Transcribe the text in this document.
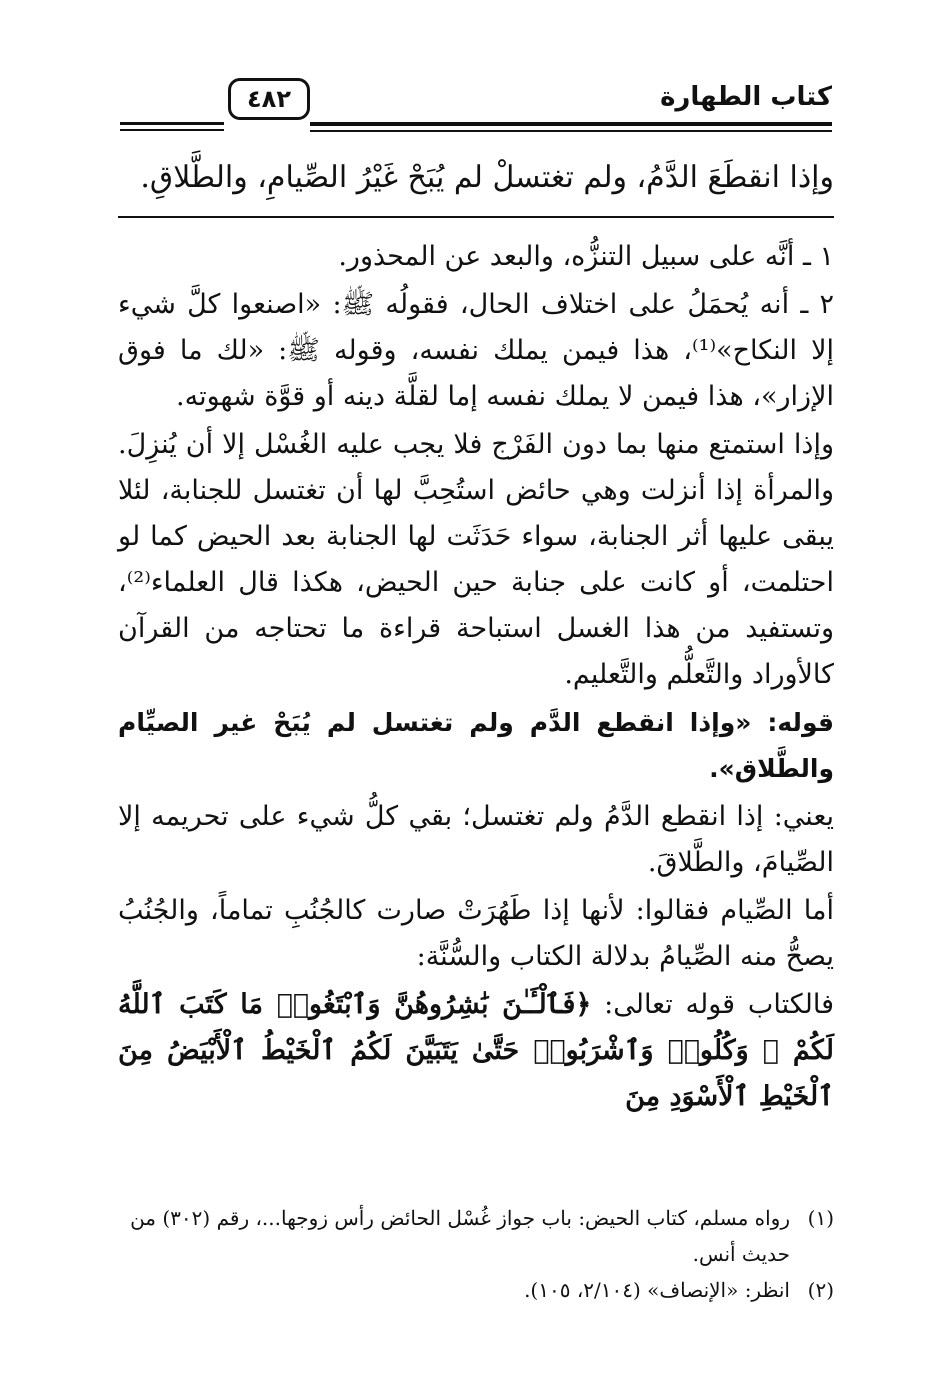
كتاب الطهارة
٤٨٢

وإذا انقطَعَ الدَّمُ، ولم تغتسلْ لم يُبَحْ غَيْرُ الصِّيامِ، والطَّلاقِ.

١ ـ أنَّه على سبيل التنزُّه، والبعد عن المحذور.

٢ ـ أنه يُحمَلُ على اختلاف الحال، فقولُه ﷺ: «اصنعوا كلَّ شيء إلا النكاح»⁽¹⁾، هذا فيمن يملك نفسه، وقوله ﷺ: «لك ما فوق الإزار»، هذا فيمن لا يملك نفسه إما لقلَّة دينه أو قوَّة شهوته.

وإذا استمتع منها بما دون الفَرْج فلا يجب عليه الغُسْل إلا أن يُنزِلَ. والمرأة إذا أنزلت وهي حائض استُحِبَّ لها أن تغتسل للجنابة، لئلا يبقى عليها أثر الجنابة، سواء حَدَثَت لها الجنابة بعد الحيض كما لو احتلمت، أو كانت على جنابة حين الحيض، هكذا قال العلماء⁽²⁾، وتستفيد من هذا الغسل استباحة قراءة ما تحتاجه من القرآن كالأوراد والتَّعلُّم والتَّعليم.

قوله: «وإذا انقطع الدَّم ولم تغتسل لم يُبَحْ غير الصيِّام والطَّلاق».

يعني: إذا انقطع الدَّمُ ولم تغتسل؛ بقي كلُّ شيء على تحريمه إلا الصِّيامَ، والطَّلاقَ.

أما الصِّيام فقالوا: لأنها إذا طَهُرَتْ صارت كالجُنُبِ تماماً، والجُنُبُ يصحُّ منه الصِّيامُ بدلالة الكتاب والسُّنَّة:

فالكتاب قوله تعالى: ﴿فَٱلْـَٔـٰنَ بَٰشِرُوهُنَّ وَٱبْتَغُوا۟ مَا كَتَبَ ٱللَّهُ لَكُمْ ۚ وَكُلُوا۟ وَٱشْرَبُوا۟ حَتَّىٰ يَتَبَيَّنَ لَكُمُ ٱلْخَيْطُ ٱلْأَبْيَضُ مِنَ ٱلْخَيْطِ ٱلْأَسْوَدِ مِنَ

(١)
رواه مسلم، كتاب الحيض: باب جواز غُسْل الحائض رأس زوجها...، رقم (٣٠٢) من حديث أنس.
(٢)
انظر: «الإنصاف» (٢/١٠٤، ١٠٥).
